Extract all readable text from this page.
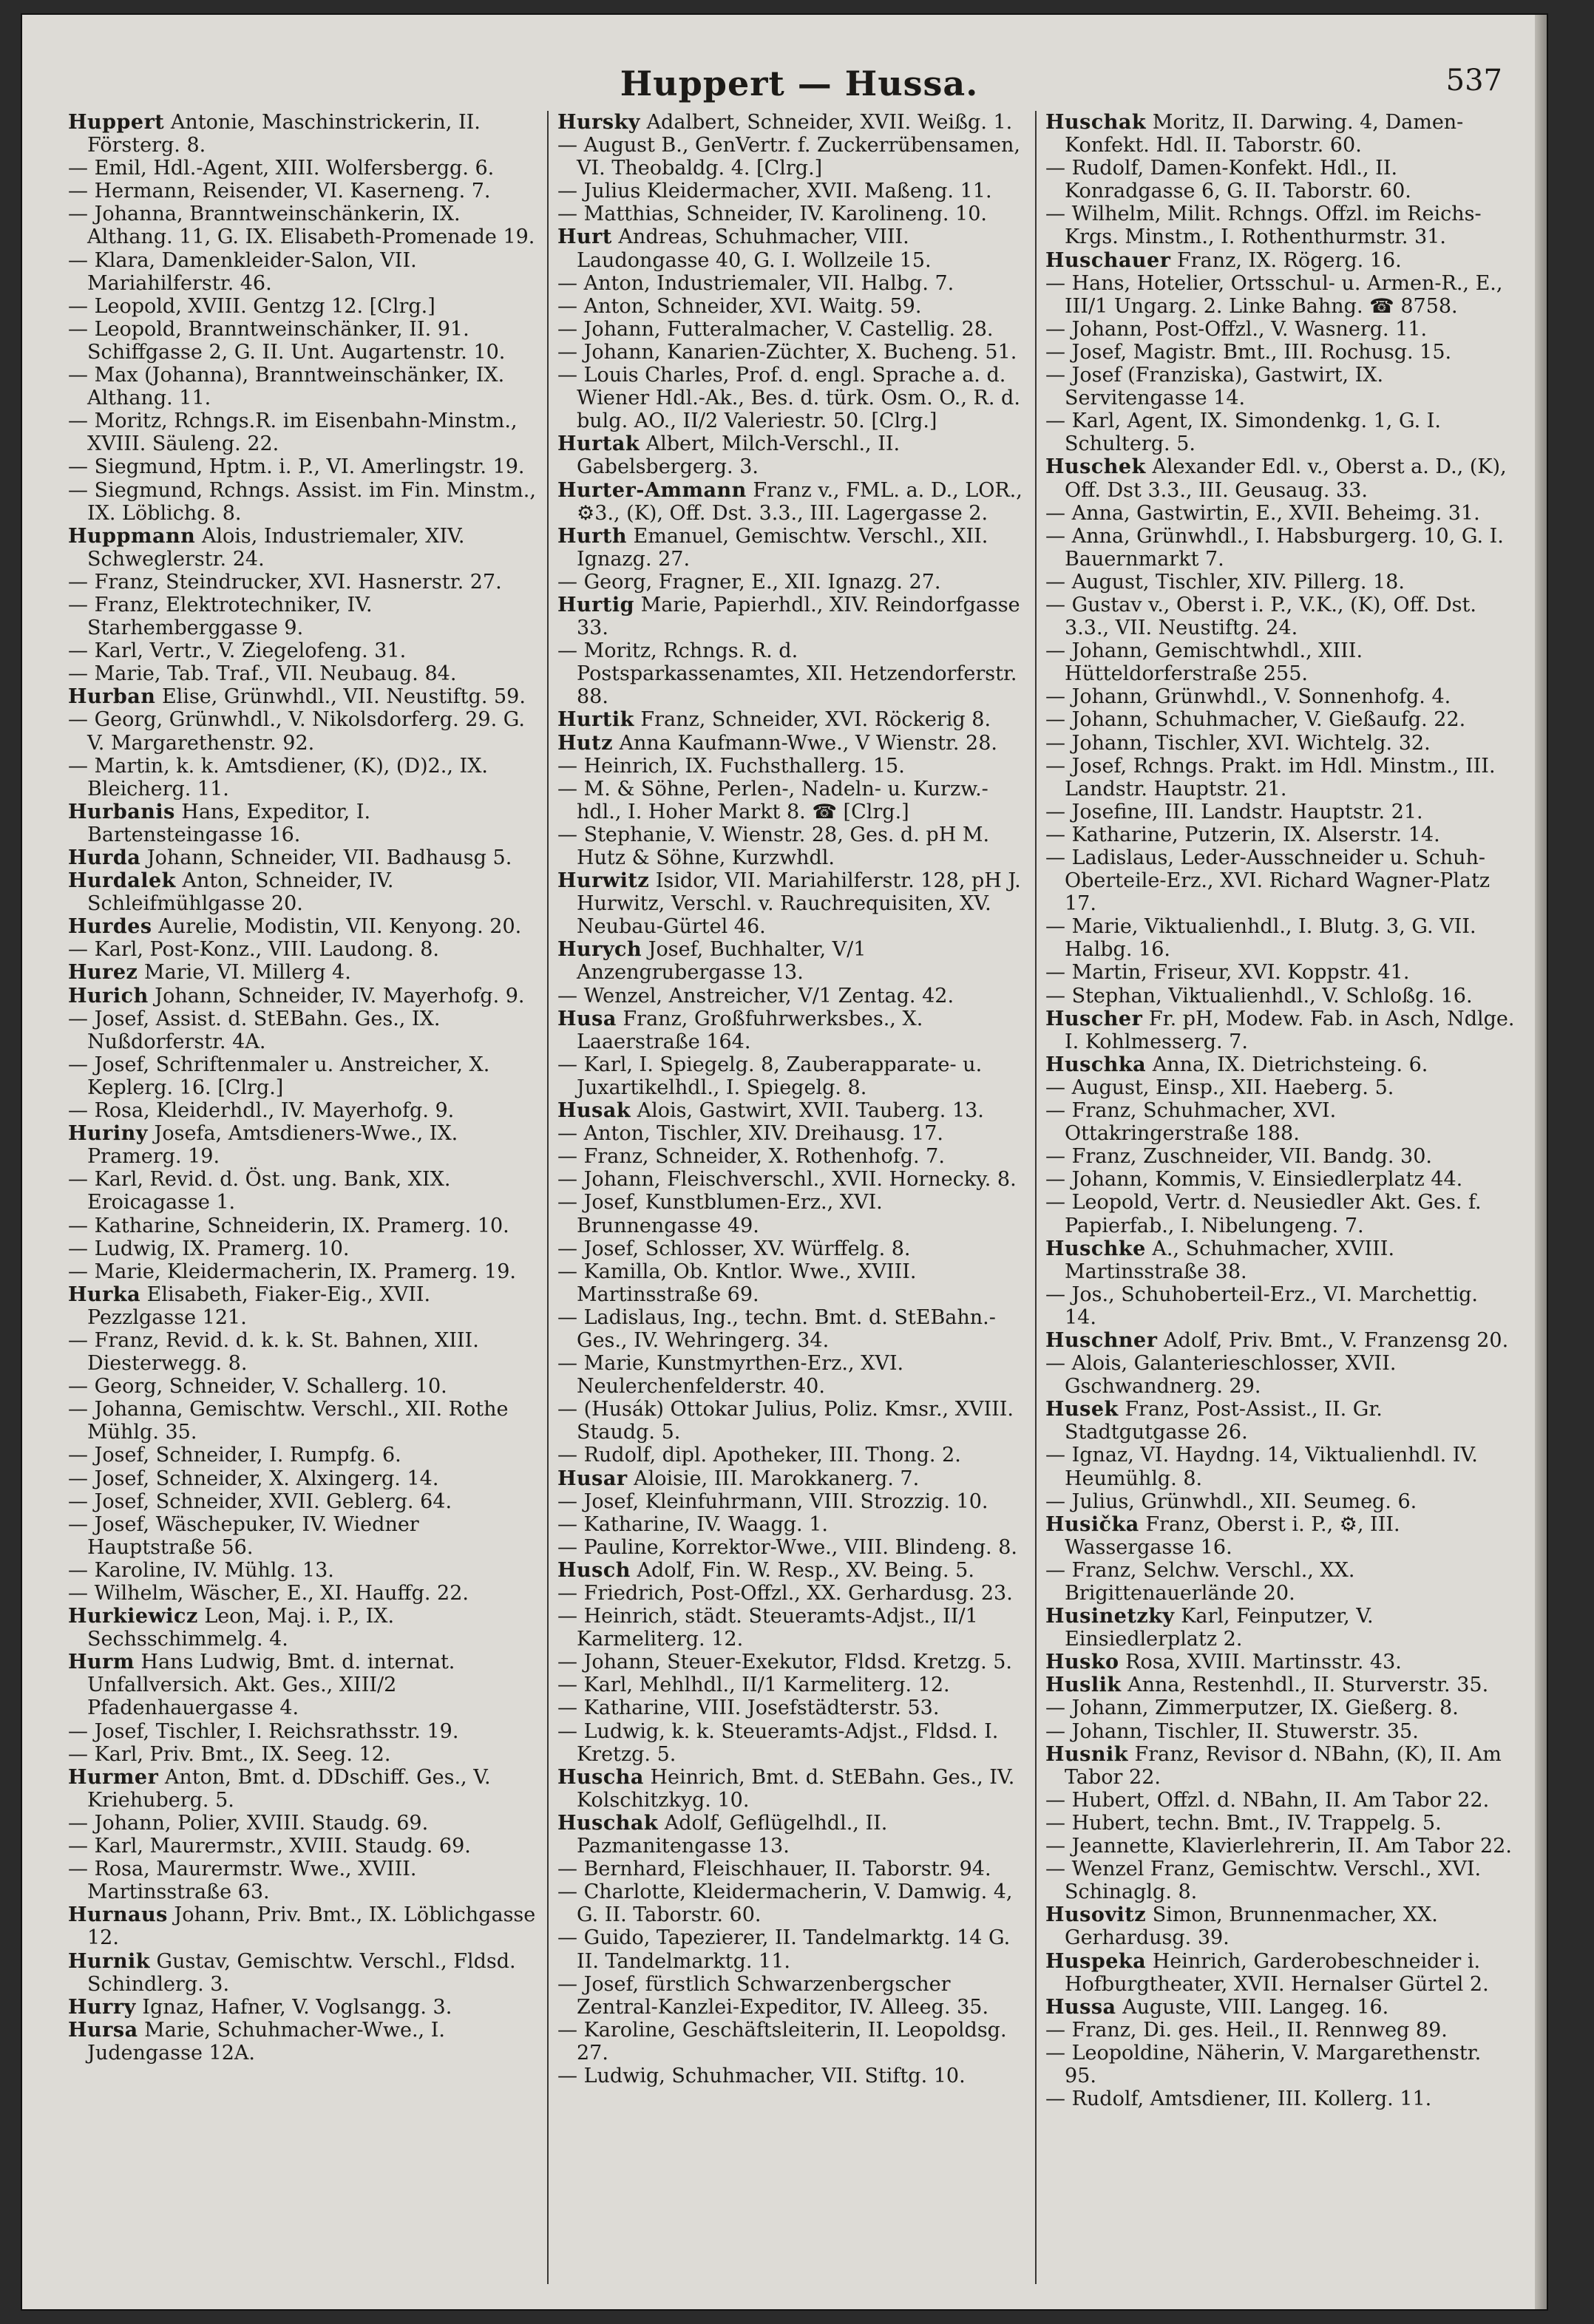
Huppert — Hussa.	537

Huppert Antonie, Maschinstrickerin, II. Försterg. 8.

— Emil, Hdl.-Agent, XIII. Wolfersbergg. 6.

— Hermann, Reisender, VI. Kaserneng. 7.

— Johanna, Branntweinschänkerin, IX. Althang. 11, G. IX. Elisabeth-Promenade 19.

— Klara, Damenkleider-Salon, VII. Mariahilferstr. 46.

— Leopold, XVIII. Gentzg 12. [Clrg.]

— Leopold, Branntweinschänker, II. 91. Schiffgasse 2, G. II. Unt. Augartenstr. 10.

— Max (Johanna), Branntweinschänker, IX. Althang. 11.

— Moritz, Rchngs.R. im Eisenbahn-Minstm., XVIII. Säuleng. 22.

— Siegmund, Hptm. i. P., VI. Amerlingstr. 19.

— Siegmund, Rchngs. Assist. im Fin. Minstm., IX. Löblichg. 8.

Huppmann Alois, Industriemaler, XIV. Schweglerstr. 24.

— Franz, Steindrucker, XVI. Hasnerstr. 27.

— Franz, Elektrotechniker, IV. Starhemberggasse 9.

— Karl, Vertr., V. Ziegelofeng. 31.

— Marie, Tab. Traf., VII. Neubaug. 84.

Hurban Elise, Grünwhdl., VII. Neustiftg. 59.

— Georg, Grünwhdl., V. Nikolsdorferg. 29. G. V. Margarethenstr. 92.

— Martin, k. k. Amtsdiener, (K), (D)2., IX. Bleicherg. 11.

Hurbanis Hans, Expeditor, I. Bartensteingasse 16.

Hurda Johann, Schneider, VII. Badhausg 5.

Hurdalek Anton, Schneider, IV. Schleifmühlgasse 20.

Hurdes Aurelie, Modistin, VII. Kenyong. 20.

— Karl, Post-Konz., VIII. Laudong. 8.

Hurez Marie, VI. Millerg 4.

Hurich Johann, Schneider, IV. Mayerhofg. 9.

— Josef, Assist. d. StEBahn. Ges., IX. Nußdorferstr. 4A.

— Josef, Schriftenmaler u. Anstreicher, X. Keplerg. 16. [Clrg.]

— Rosa, Kleiderhdl., IV. Mayerhofg. 9.

Huriny Josefa, Amtsdieners-Wwe., IX. Pramerg. 19.

— Karl, Revid. d. Öst. ung. Bank, XIX. Eroicagasse 1.

— Katharine, Schneiderin, IX. Pramerg. 10.

— Ludwig, IX. Pramerg. 10.

— Marie, Kleidermacherin, IX. Pramerg. 19.

Hurka Elisabeth, Fiaker-Eig., XVII. Pezzlgasse 121.

— Franz, Revid. d. k. k. St. Bahnen, XIII. Diesterwegg. 8.

— Georg, Schneider, V. Schallerg. 10.

— Johanna, Gemischtw. Verschl., XII. Rothe Mühlg. 35.

— Josef, Schneider, I. Rumpfg. 6.

— Josef, Schneider, X. Alxingerg. 14.

— Josef, Schneider, XVII. Geblerg. 64.

— Josef, Wäschepuker, IV. Wiedner Hauptstraße 56.

— Karoline, IV. Mühlg. 13.

— Wilhelm, Wäscher, E., XI. Hauffg. 22.

Hurkiewicz Leon, Maj. i. P., IX. Sechsschimmelg. 4.

Hurm Hans Ludwig, Bmt. d. internat. Unfallversich. Akt. Ges., XIII/2 Pfadenhauergasse 4.

— Josef, Tischler, I. Reichsrathsstr. 19.

— Karl, Priv. Bmt., IX. Seeg. 12.

Hurmer Anton, Bmt. d. DDschiff. Ges., V. Kriehuberg. 5.

— Johann, Polier, XVIII. Staudg. 69.

— Karl, Maurermstr., XVIII. Staudg. 69.

— Rosa, Maurermstr. Wwe., XVIII. Martinsstraße 63.

Hurnaus Johann, Priv. Bmt., IX. Löblichgasse 12.

Hurnik Gustav, Gemischtw. Verschl., Fldsd. Schindlerg. 3.

Hurry Ignaz, Hafner, V. Voglsangg. 3.

Hursa Marie, Schuhmacher-Wwe., I. Judengasse 12A.

Hursky Adalbert, Schneider, XVII. Weißg. 1.

— August B., GenVertr. f. Zuckerrübensamen, VI. Theobaldg. 4. [Clrg.]

— Julius Kleidermacher, XVII. Maßeng. 11.

— Matthias, Schneider, IV. Karolineng. 10.

Hurt Andreas, Schuhmacher, VIII. Laudongasse 40, G. I. Wollzeile 15.

— Anton, Industriemaler, VII. Halbg. 7.

— Anton, Schneider, XVI. Waitg. 59.

— Johann, Futteralmacher, V. Castellig. 28.

— Johann, Kanarien-Züchter, X. Bucheng. 51.

— Louis Charles, Prof. d. engl. Sprache a. d. Wiener Hdl.-Ak., Bes. d. türk. Osm. O., R. d. bulg. AO., II/2 Valeriestr. 50. [Clrg.]

Hurtak Albert, Milch-Verschl., II. Gabelsbergerg. 3.

Hurter-Ammann Franz v., FML. a. D., LOR., ⚙3., (K), Off. Dst. 3.3., III. Lagergasse 2.

Hurth Emanuel, Gemischtw. Verschl., XII. Ignazg. 27.

— Georg, Fragner, E., XII. Ignazg. 27.

Hurtig Marie, Papierhdl., XIV. Reindorfgasse 33.

— Moritz, Rchngs. R. d. Postsparkassenamtes, XII. Hetzendorferstr. 88.

Hurtik Franz, Schneider, XVI. Röckerig 8.

Hutz Anna Kaufmann-Wwe., V Wienstr. 28.

— Heinrich, IX. Fuchsthallerg. 15.

— M. & Söhne, Perlen-, Nadeln- u. Kurzw.-hdl., I. Hoher Markt 8. ☎ [Clrg.]

— Stephanie, V. Wienstr. 28, Ges. d. pH M. Hutz & Söhne, Kurzwhdl.

Hurwitz Isidor, VII. Mariahilferstr. 128, pH J. Hurwitz, Verschl. v. Rauchrequisiten, XV. Neubau-Gürtel 46.

Hurych Josef, Buchhalter, V/1 Anzengrubergasse 13.

— Wenzel, Anstreicher, V/1 Zentag. 42.

Husa Franz, Großfuhrwerksbes., X. Laaerstraße 164.

— Karl, I. Spiegelg. 8, Zauberapparate- u. Juxartikelhdl., I. Spiegelg. 8.

Husak Alois, Gastwirt, XVII. Tauberg. 13.

— Anton, Tischler, XIV. Dreihausg. 17.

— Franz, Schneider, X. Rothenhofg. 7.

— Johann, Fleischverschl., XVII. Hornecky. 8.

— Josef, Kunstblumen-Erz., XVI. Brunnengasse 49.

— Josef, Schlosser, XV. Würffelg. 8.

— Kamilla, Ob. Kntlor. Wwe., XVIII. Martinsstraße 69.

— Ladislaus, Ing., techn. Bmt. d. StEBahn.-Ges., IV. Wehringerg. 34.

— Marie, Kunstmyrthen-Erz., XVI. Neulerchenfelderstr. 40.

— (Husák) Ottokar Julius, Poliz. Kmsr., XVIII. Staudg. 5.

— Rudolf, dipl. Apotheker, III. Thong. 2.

Husar Aloisie, III. Marokkanerg. 7.

— Josef, Kleinfuhrmann, VIII. Strozzig. 10.

— Katharine, IV. Waagg. 1.

— Pauline, Korrektor-Wwe., VIII. Blindeng. 8.

Husch Adolf, Fin. W. Resp., XV. Being. 5.

— Friedrich, Post-Offzl., XX. Gerhardusg. 23.

— Heinrich, städt. Steueramts-Adjst., II/1 Karmeliterg. 12.

— Johann, Steuer-Exekutor, Fldsd. Kretzg. 5.

— Karl, Mehlhdl., II/1 Karmeliterg. 12.

— Katharine, VIII. Josefstädterstr. 53.

— Ludwig, k. k. Steueramts-Adjst., Fldsd. I. Kretzg. 5.

Huscha Heinrich, Bmt. d. StEBahn. Ges., IV. Kolschitzkyg. 10.

Huschak Adolf, Geflügelhdl., II. Pazmanitengasse 13.

— Bernhard, Fleischhauer, II. Taborstr. 94.

— Charlotte, Kleidermacherin, V. Damwig. 4, G. II. Taborstr. 60.

— Guido, Tapezierer, II. Tandelmarktg. 14 G. II. Tandelmarktg. 11.

— Josef, fürstlich Schwarzenbergscher Zentral-Kanzlei-Expeditor, IV. Alleeg. 35.

— Karoline, Geschäftsleiterin, II. Leopoldsg. 27.

— Ludwig, Schuhmacher, VII. Stiftg. 10.

Huschak Moritz, II. Darwing. 4, Damen-Konfekt. Hdl. II. Taborstr. 60.

— Rudolf, Damen-Konfekt. Hdl., II. Konradgasse 6, G. II. Taborstr. 60.

— Wilhelm, Milit. Rchngs. Offzl. im Reichs-Krgs. Minstm., I. Rothenthurmstr. 31.

Huschauer Franz, IX. Rögerg. 16.

— Hans, Hotelier, Ortsschul- u. Armen-R., E., III/1 Ungarg. 2. Linke Bahng. ☎ 8758.

— Johann, Post-Offzl., V. Wasnerg. 11.

— Josef, Magistr. Bmt., III. Rochusg. 15.

— Josef (Franziska), Gastwirt, IX. Servitengasse 14.

— Karl, Agent, IX. Simondenkg. 1, G. I. Schulterg. 5.

Huschek Alexander Edl. v., Oberst a. D., (K), Off. Dst 3.3., III. Geusaug. 33.

— Anna, Gastwirtin, E., XVII. Beheimg. 31.

— Anna, Grünwhdl., I. Habsburgerg. 10, G. I. Bauernmarkt 7.

— August, Tischler, XIV. Pillerg. 18.

— Gustav v., Oberst i. P., V.K., (K), Off. Dst. 3.3., VII. Neustiftg. 24.

— Johann, Gemischtwhdl., XIII. Hütteldorferstraße 255.

— Johann, Grünwhdl., V. Sonnenhofg. 4.

— Johann, Schuhmacher, V. Gießaufg. 22.

— Johann, Tischler, XVI. Wichtelg. 32.

— Josef, Rchngs. Prakt. im Hdl. Minstm., III. Landstr. Hauptstr. 21.

— Josefine, III. Landstr. Hauptstr. 21.

— Katharine, Putzerin, IX. Alserstr. 14.

— Ladislaus, Leder-Ausschneider u. Schuh-Oberteile-Erz., XVI. Richard Wagner-Platz 17.

— Marie, Viktualienhdl., I. Blutg. 3, G. VII. Halbg. 16.

— Martin, Friseur, XVI. Koppstr. 41.

— Stephan, Viktualienhdl., V. Schloßg. 16.

Huscher Fr. pH, Modew. Fab. in Asch, Ndlge. I. Kohlmesserg. 7.

Huschka Anna, IX. Dietrichsteing. 6.

— August, Einsp., XII. Haeberg. 5.

— Franz, Schuhmacher, XVI. Ottakringerstraße 188.

— Franz, Zuschneider, VII. Bandg. 30.

— Johann, Kommis, V. Einsiedlerplatz 44.

— Leopold, Vertr. d. Neusiedler Akt. Ges. f. Papierfab., I. Nibelungeng. 7.

Huschke A., Schuhmacher, XVIII. Martinsstraße 38.

— Jos., Schuhoberteil-Erz., VI. Marchettig. 14.

Huschner Adolf, Priv. Bmt., V. Franzensg 20.

— Alois, Galanterieschlosser, XVII. Gschwandnerg. 29.

Husek Franz, Post-Assist., II. Gr. Stadtgutgasse 26.

— Ignaz, VI. Haydng. 14, Viktualienhdl. IV. Heumühlg. 8.

— Julius, Grünwhdl., XII. Seumeg. 6.

Husička Franz, Oberst i. P., ⚙, III. Wassergasse 16.

— Franz, Selchw. Verschl., XX. Brigittenauerlände 20.

Husinetzky Karl, Feinputzer, V. Einsiedlerplatz 2.

Husko Rosa, XVIII. Martinsstr. 43.

Huslik Anna, Restenhdl., II. Sturverstr. 35.

— Johann, Zimmerputzer, IX. Gießerg. 8.

— Johann, Tischler, II. Stuwerstr. 35.

Husnik Franz, Revisor d. NBahn, (K), II. Am Tabor 22.

— Hubert, Offzl. d. NBahn, II. Am Tabor 22.

— Hubert, techn. Bmt., IV. Trappelg. 5.

— Jeannette, Klavierlehrerin, II. Am Tabor 22.

— Wenzel Franz, Gemischtw. Verschl., XVI. Schinaglg. 8.

Husovitz Simon, Brunnenmacher, XX. Gerhardusg. 39.

Huspeka Heinrich, Garderobeschneider i. Hofburgtheater, XVII. Hernalser Gürtel 2.

Hussa Auguste, VIII. Langeg. 16.

— Franz, Di. ges. Heil., II. Rennweg 89.

— Leopoldine, Näherin, V. Margarethenstr. 95.

— Rudolf, Amtsdiener, III. Kollerg. 11.
